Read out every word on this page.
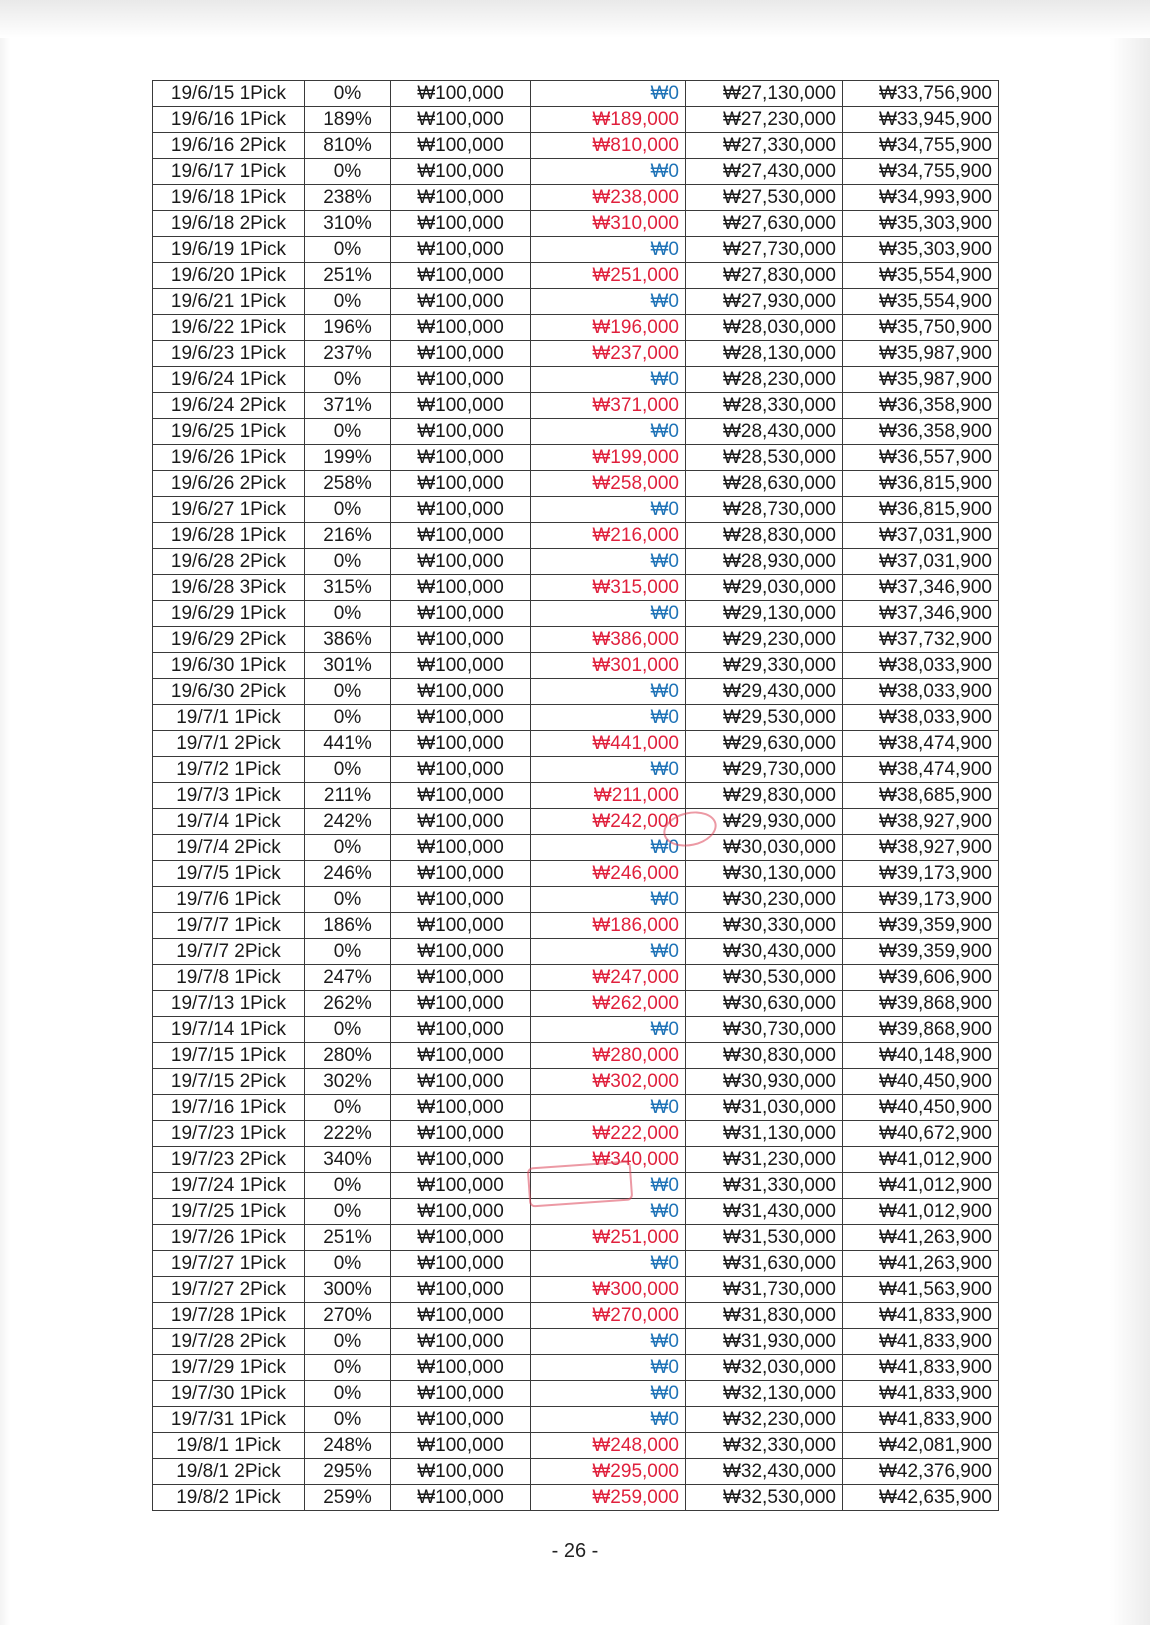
19/6/15 1Pick	0%	₩100,000	₩0	₩27,130,000	₩33,756,900
19/6/16 1Pick	189%	₩100,000	₩189,000	₩27,230,000	₩33,945,900
19/6/16 2Pick	810%	₩100,000	₩810,000	₩27,330,000	₩34,755,900
19/6/17 1Pick	0%	₩100,000	₩0	₩27,430,000	₩34,755,900
19/6/18 1Pick	238%	₩100,000	₩238,000	₩27,530,000	₩34,993,900
19/6/18 2Pick	310%	₩100,000	₩310,000	₩27,630,000	₩35,303,900
19/6/19 1Pick	0%	₩100,000	₩0	₩27,730,000	₩35,303,900
19/6/20 1Pick	251%	₩100,000	₩251,000	₩27,830,000	₩35,554,900
19/6/21 1Pick	0%	₩100,000	₩0	₩27,930,000	₩35,554,900
19/6/22 1Pick	196%	₩100,000	₩196,000	₩28,030,000	₩35,750,900
19/6/23 1Pick	237%	₩100,000	₩237,000	₩28,130,000	₩35,987,900
19/6/24 1Pick	0%	₩100,000	₩0	₩28,230,000	₩35,987,900
19/6/24 2Pick	371%	₩100,000	₩371,000	₩28,330,000	₩36,358,900
19/6/25 1Pick	0%	₩100,000	₩0	₩28,430,000	₩36,358,900
19/6/26 1Pick	199%	₩100,000	₩199,000	₩28,530,000	₩36,557,900
19/6/26 2Pick	258%	₩100,000	₩258,000	₩28,630,000	₩36,815,900
19/6/27 1Pick	0%	₩100,000	₩0	₩28,730,000	₩36,815,900
19/6/28 1Pick	216%	₩100,000	₩216,000	₩28,830,000	₩37,031,900
19/6/28 2Pick	0%	₩100,000	₩0	₩28,930,000	₩37,031,900
19/6/28 3Pick	315%	₩100,000	₩315,000	₩29,030,000	₩37,346,900
19/6/29 1Pick	0%	₩100,000	₩0	₩29,130,000	₩37,346,900
19/6/29 2Pick	386%	₩100,000	₩386,000	₩29,230,000	₩37,732,900
19/6/30 1Pick	301%	₩100,000	₩301,000	₩29,330,000	₩38,033,900
19/6/30 2Pick	0%	₩100,000	₩0	₩29,430,000	₩38,033,900
19/7/1 1Pick	0%	₩100,000	₩0	₩29,530,000	₩38,033,900
19/7/1 2Pick	441%	₩100,000	₩441,000	₩29,630,000	₩38,474,900
19/7/2 1Pick	0%	₩100,000	₩0	₩29,730,000	₩38,474,900
19/7/3 1Pick	211%	₩100,000	₩211,000	₩29,830,000	₩38,685,900
19/7/4 1Pick	242%	₩100,000	₩242,000	₩29,930,000	₩38,927,900
19/7/4 2Pick	0%	₩100,000	₩0	₩30,030,000	₩38,927,900
19/7/5 1Pick	246%	₩100,000	₩246,000	₩30,130,000	₩39,173,900
19/7/6 1Pick	0%	₩100,000	₩0	₩30,230,000	₩39,173,900
19/7/7 1Pick	186%	₩100,000	₩186,000	₩30,330,000	₩39,359,900
19/7/7 2Pick	0%	₩100,000	₩0	₩30,430,000	₩39,359,900
19/7/8 1Pick	247%	₩100,000	₩247,000	₩30,530,000	₩39,606,900
19/7/13 1Pick	262%	₩100,000	₩262,000	₩30,630,000	₩39,868,900
19/7/14 1Pick	0%	₩100,000	₩0	₩30,730,000	₩39,868,900
19/7/15 1Pick	280%	₩100,000	₩280,000	₩30,830,000	₩40,148,900
19/7/15 2Pick	302%	₩100,000	₩302,000	₩30,930,000	₩40,450,900
19/7/16 1Pick	0%	₩100,000	₩0	₩31,030,000	₩40,450,900
19/7/23 1Pick	222%	₩100,000	₩222,000	₩31,130,000	₩40,672,900
19/7/23 2Pick	340%	₩100,000	₩340,000	₩31,230,000	₩41,012,900
19/7/24 1Pick	0%	₩100,000	₩0	₩31,330,000	₩41,012,900
19/7/25 1Pick	0%	₩100,000	₩0	₩31,430,000	₩41,012,900
19/7/26 1Pick	251%	₩100,000	₩251,000	₩31,530,000	₩41,263,900
19/7/27 1Pick	0%	₩100,000	₩0	₩31,630,000	₩41,263,900
19/7/27 2Pick	300%	₩100,000	₩300,000	₩31,730,000	₩41,563,900
19/7/28 1Pick	270%	₩100,000	₩270,000	₩31,830,000	₩41,833,900
19/7/28 2Pick	0%	₩100,000	₩0	₩31,930,000	₩41,833,900
19/7/29 1Pick	0%	₩100,000	₩0	₩32,030,000	₩41,833,900
19/7/30 1Pick	0%	₩100,000	₩0	₩32,130,000	₩41,833,900
19/7/31 1Pick	0%	₩100,000	₩0	₩32,230,000	₩41,833,900
19/8/1 1Pick	248%	₩100,000	₩248,000	₩32,330,000	₩42,081,900
19/8/1 2Pick	295%	₩100,000	₩295,000	₩32,430,000	₩42,376,900
19/8/2 1Pick	259%	₩100,000	₩259,000	₩32,530,000	₩42,635,900
- 26 -
